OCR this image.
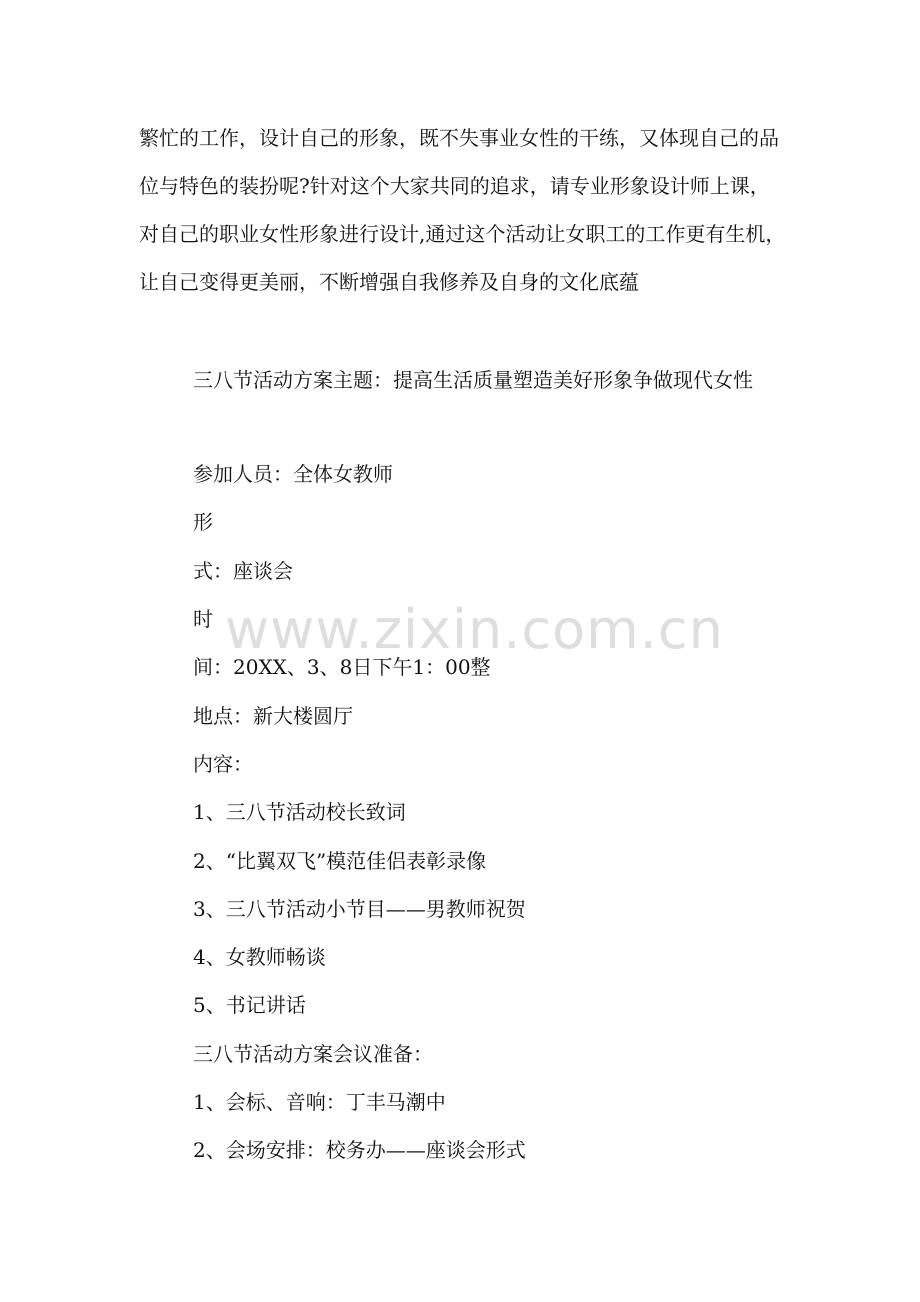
繁忙的工作，设计自己的形象，既不失事业女性的干练，又体现自己的品位与特色的装扮呢?针对这个大家共同的追求，请专业形象设计师上课，对自己的职业女性形象进行设计,通过这个活动让女职工的工作更有生机，让自己变得更美丽，不断增强自我修养及自身的文化底蕴

三八节活动方案主题：提高生活质量塑造美好形象争做现代女性

参加人员：全体女教师
形
式：座谈会
时
间：20XX、3、8日下午1：00整
地点：新大楼圆厅
内容：
1、三八节活动校长致词
2、“比翼双飞”模范佳侣表彰录像
3、三八节活动小节目——男教师祝贺
4、女教师畅谈
5、书记讲话
三八节活动方案会议准备：
1、会标、音响：丁丰马潮中
2、会场安排：校务办——座谈会形式
www.zixin.com.cn
